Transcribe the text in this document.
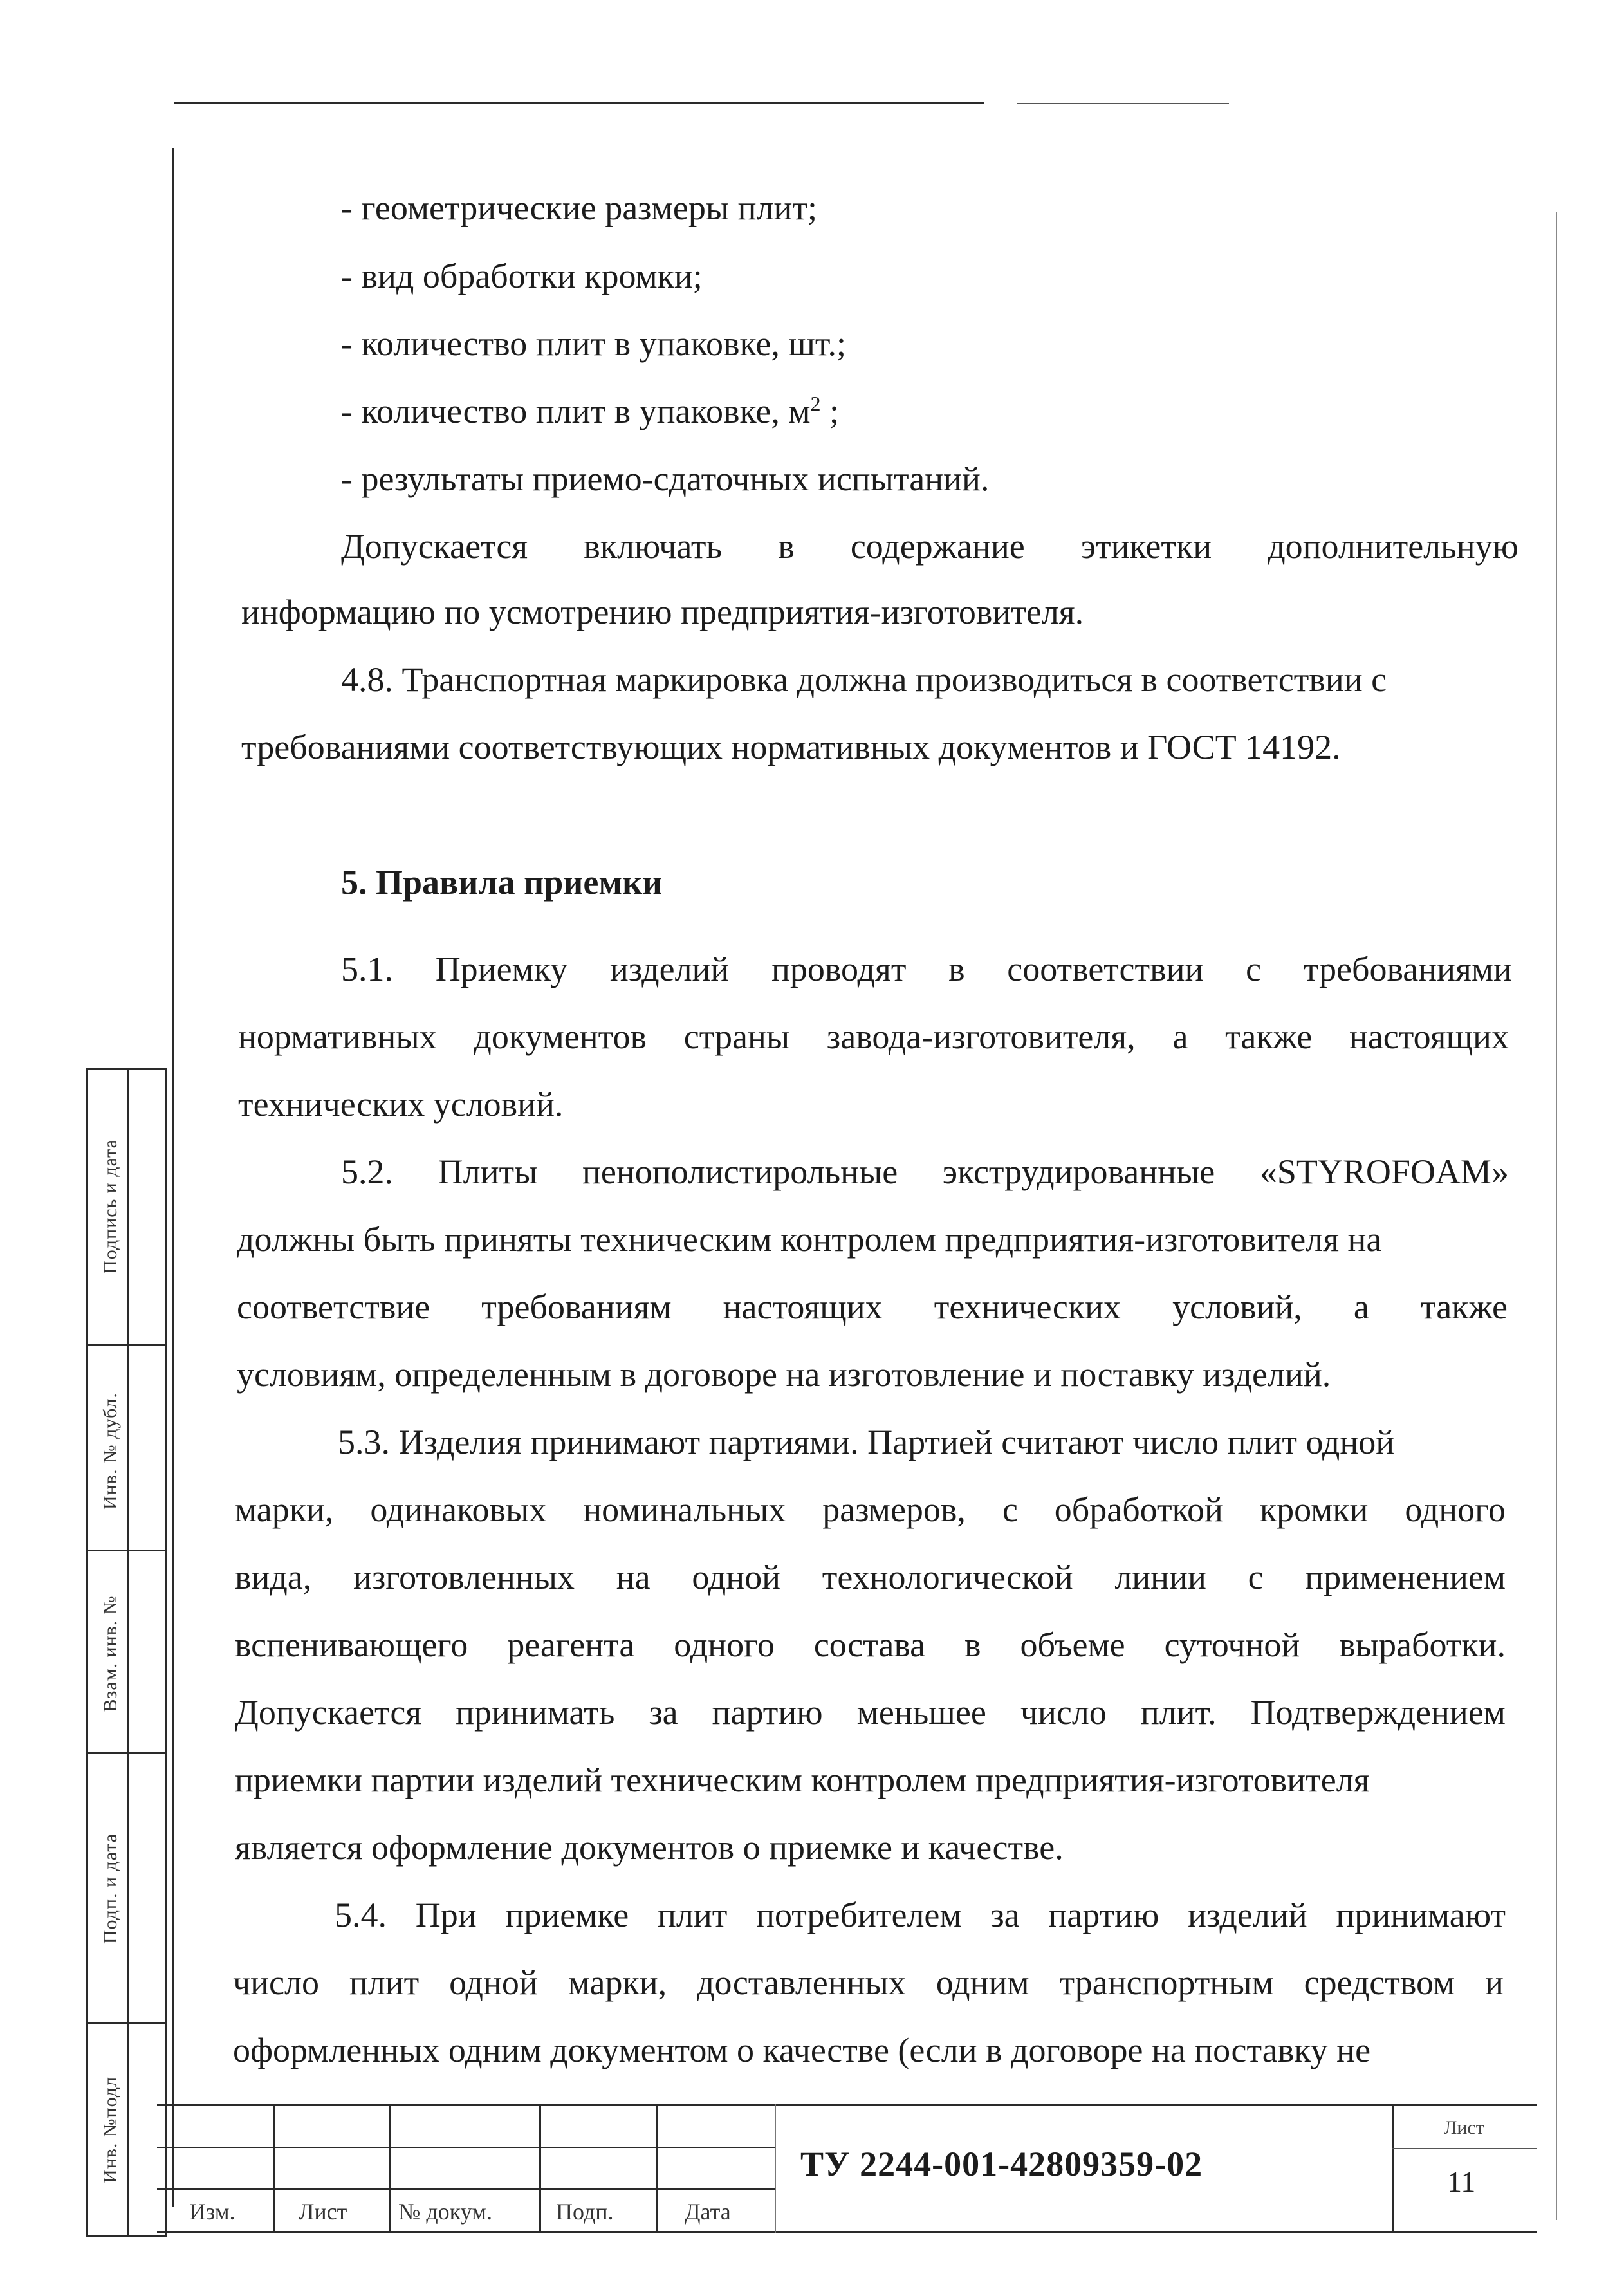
- геометрические размеры плит;
- вид обработки кромки;
- количество плит в упаковке, шт.;
- количество плит в упаковке, $м^2$ ;
- результаты приемо-сдаточных испытаний.
Допускается включать в содержание этикетки дополнительную
информацию по усмотрению предприятия-изготовителя.
4.8. Транспортная маркировка должна производиться в соответствии с
требованиями соответствующих нормативных документов и ГОСТ 14192.
5. Правила приемки
5.1. Приемку изделий проводят в соответствии с требованиями
нормативных документов страны завода-изготовителя, а также настоящих
технических условий.
5.2. Плиты пенополистирольные экструдированные «STYROFOAM»
должны быть приняты техническим контролем предприятия-изготовителя на
соответствие требованиям настоящих технических условий, а также
условиям, определенным в договоре на изготовление и поставку изделий.
5.3. Изделия принимают партиями. Партией считают число плит одной
марки, одинаковых номинальных размеров, с обработкой кромки одного
вида, изготовленных на одной технологической линии с применением
вспенивающего реагента одного состава в объеме суточной выработки.
Допускается принимать за партию меньшее число плит. Подтверждением
приемки партии изделий техническим контролем предприятия-изготовителя
является оформление документов о приемке и качестве.
5.4. При приемке плит потребителем за партию изделий принимают
число плит одной марки, доставленных одним транспортным средством и
оформленных одним документом о качестве (если в договоре на поставку не
Подпись и дата
Инв. № дубл.
Взам. инв. №
Подп. и дата
Инв. №подл
Изм.	Лист № докум.	Подп.	Дата
ТУ 2244-001-42809359-02
Лист
11
